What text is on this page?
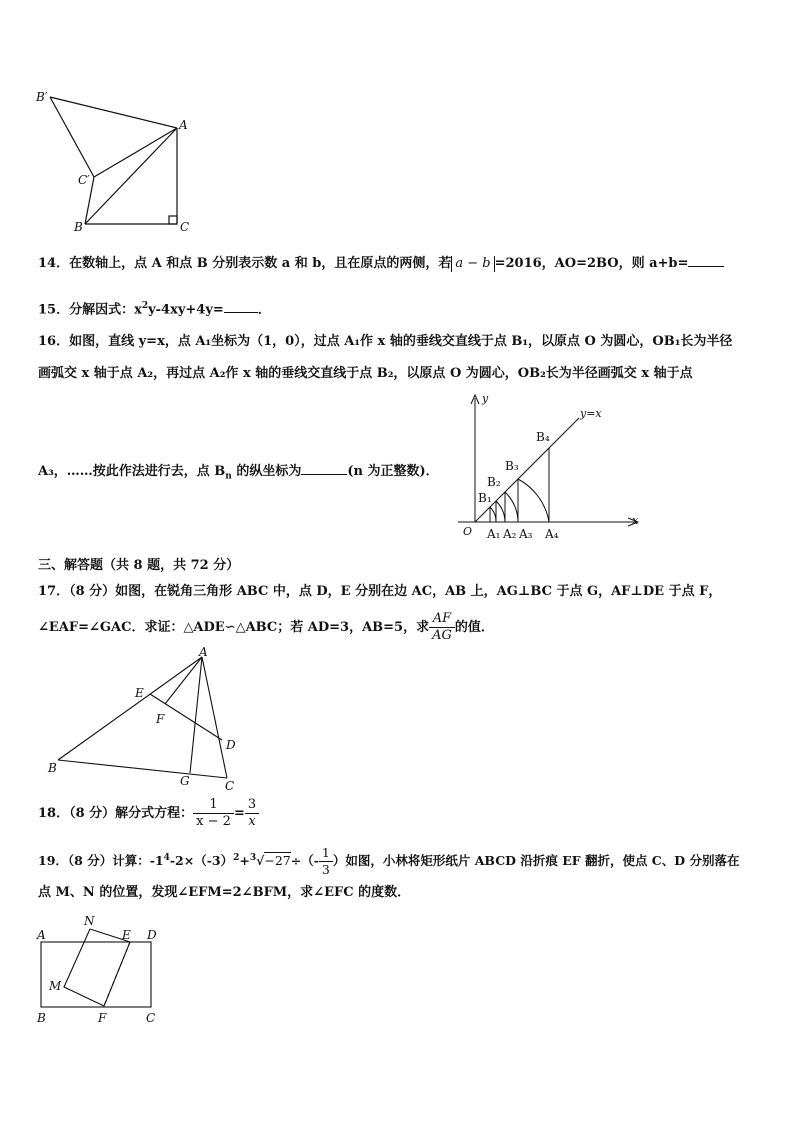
B′
A
C′
B	C
14．在数轴上，点 A 和点 B 分别表示数 a 和 b，且在原点的两侧，若 a − b =2016，AO=2BO，则 a+b=
15．分解因式：$x^2y-4xy+4y=$	．
16．如图，直线 y=x，点 A₁坐标为（1，0），过点 A₁作 x 轴的垂线交直线于点 B₁，以原点 O 为圆心，OB₁长为半径
画弧交 x 轴于点 A₂，再过点 A₂作 x 轴的垂线交直线于点 B₂，以原点 O 为圆心，OB₂长为半径画弧交 x 轴于点
A₃，……按此作法进行去，点 $B_n$ 的纵坐标为	(n 为正整数)．
y
x
O
y=x
B₁
B₂
B₃
B₄
A₁ A₂ A₃ A₄
三、解答题（共 8 题，共 72 分）
17．（8 分）如图，在锐角三角形 ABC 中，点 D，E 分别在边 AC，AB 上，AG⊥BC 于点 G，AF⊥DE 于点 F，
∠EAF=∠GAC．求证：△ADE∽△ABC；若 AD=3，AB=5，求 $\frac{AF}{AG}$ 的值．
A
E
F
D
B
G	C
18．（8 分）解分式方程： $\frac{1}{x - 2} = \frac{3}{x}$
19．（8 分）计算：$-1^4-2\times(-3)^2+^3√-27\div(- \frac{1}{3}$ ）如图，小林将矩形纸片 ABCD 沿折痕 EF 翻折，使点 C、D 分别落在
点 M、N 的位置，发现∠EFM=2∠BFM，求∠EFC 的度数．
A
N
E D
M
B	F	C
